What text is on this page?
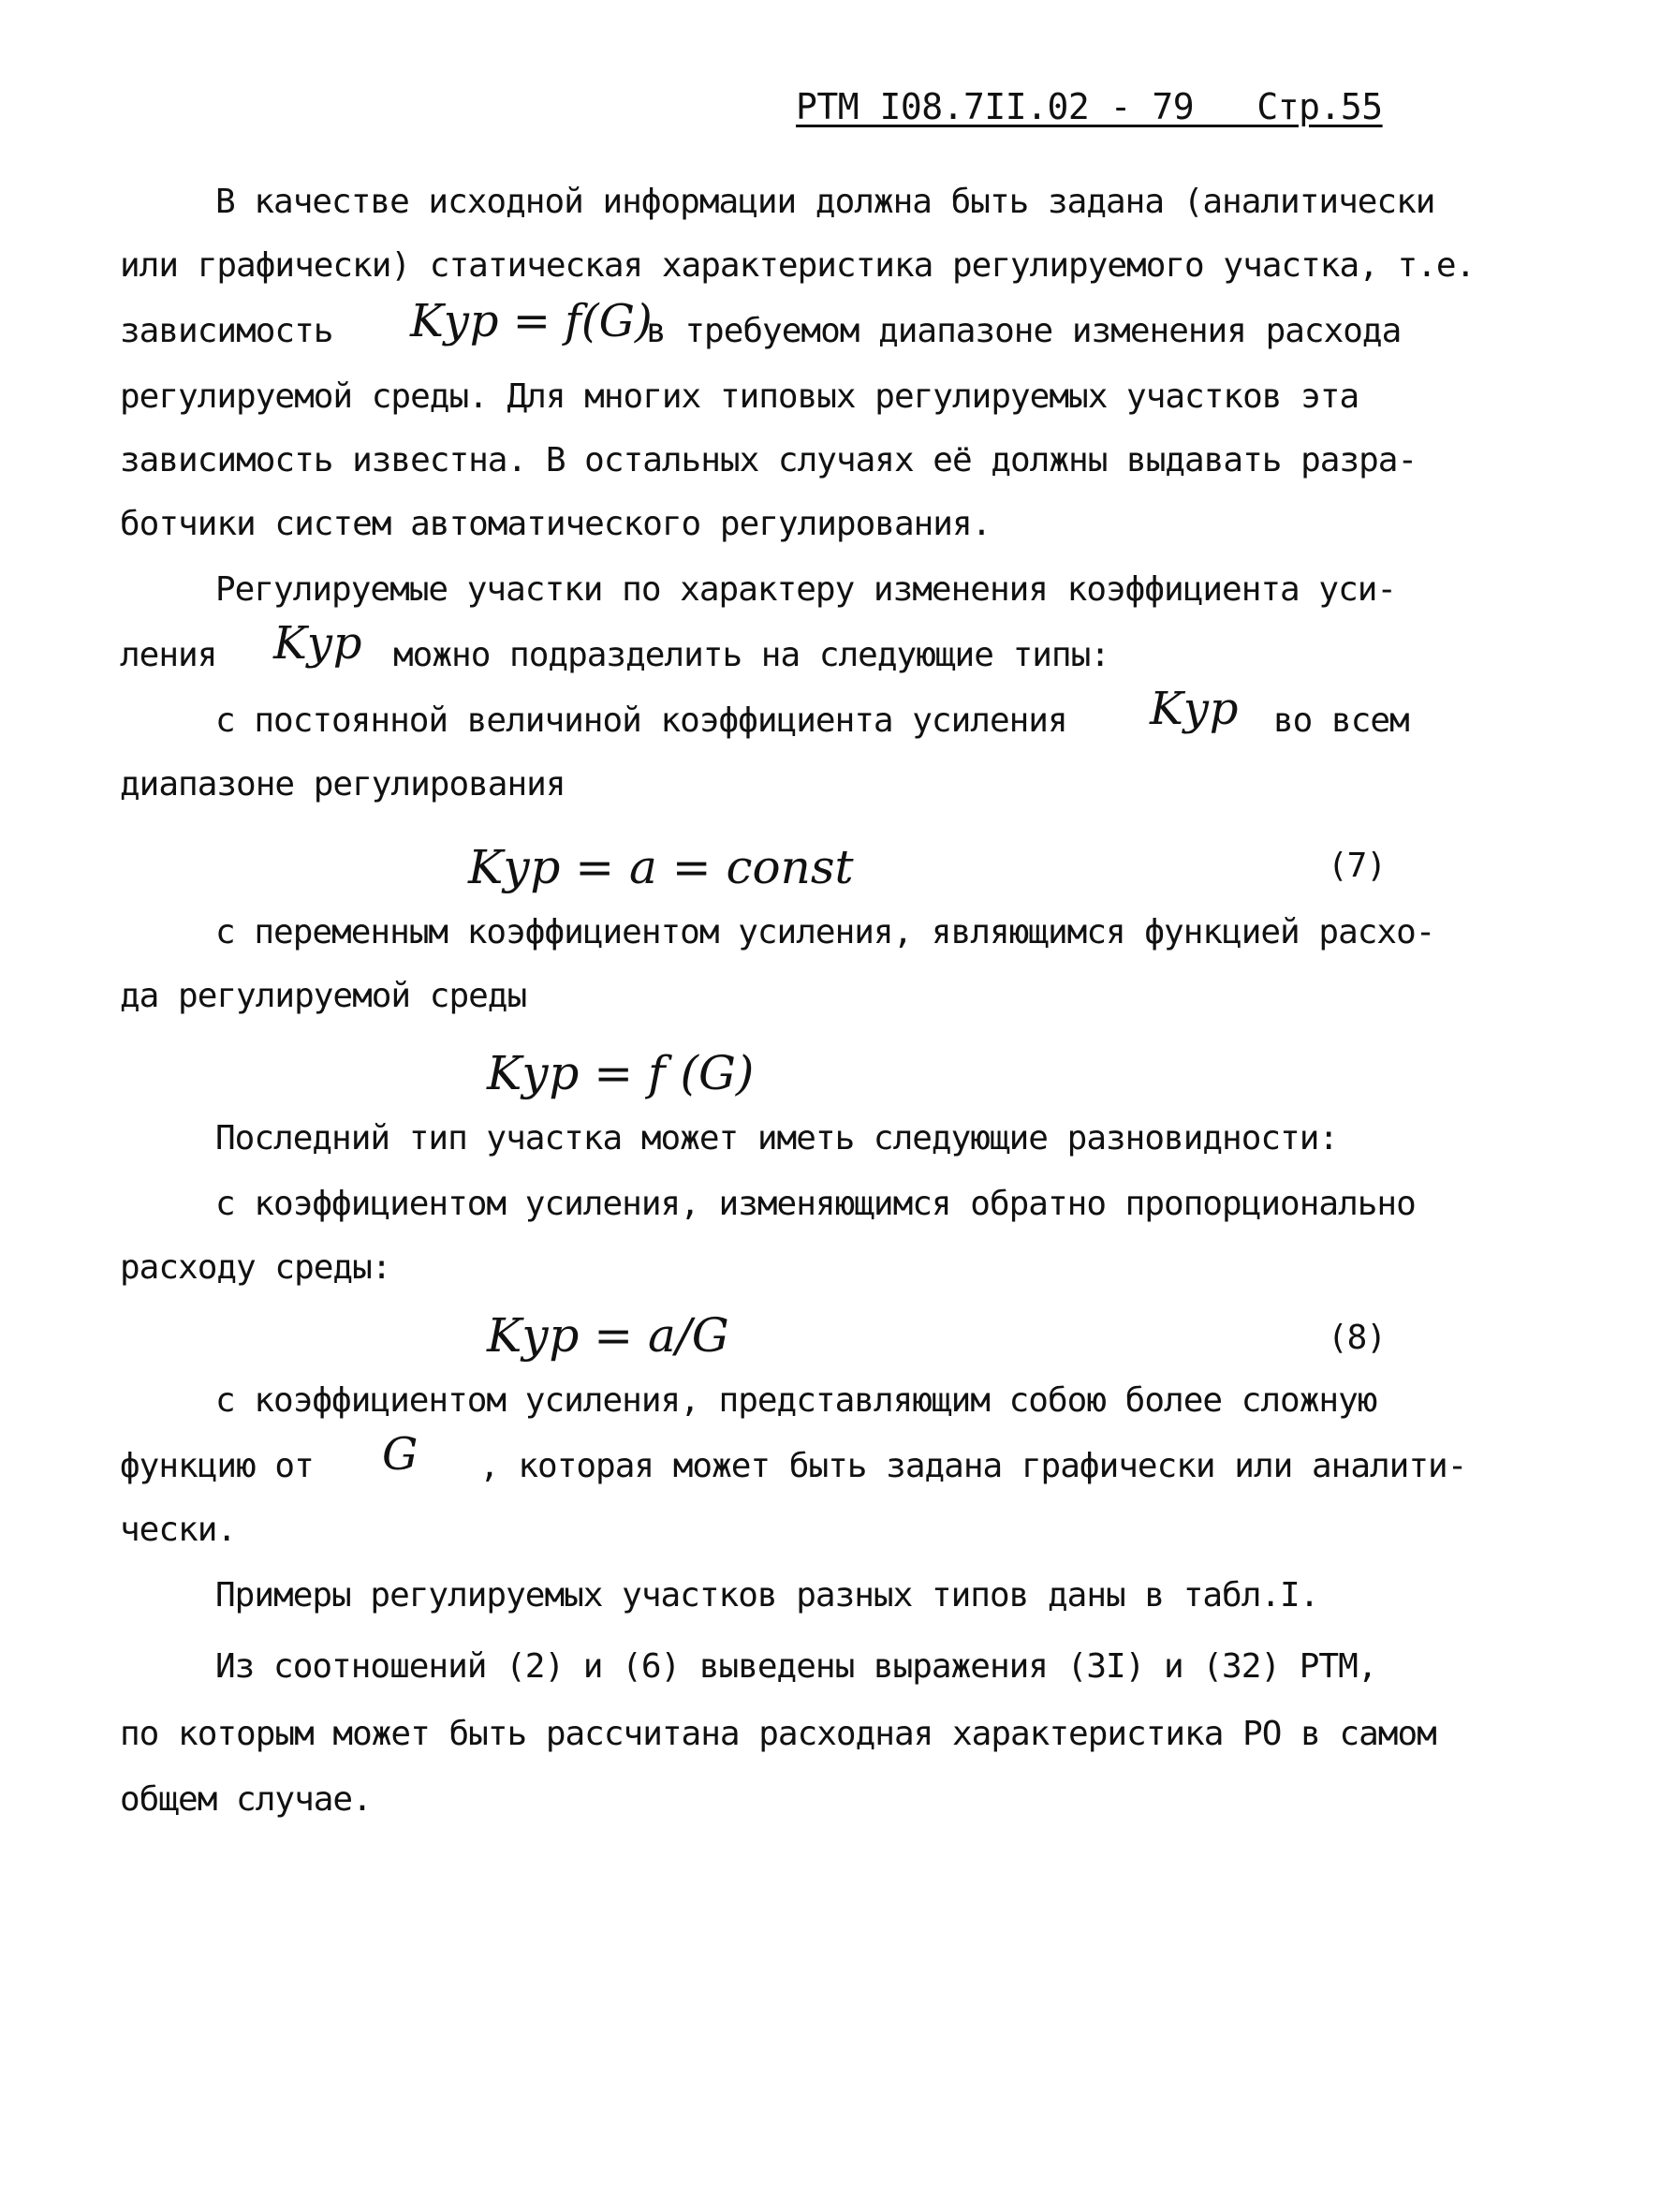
РТМ I08.7II.02 - 79   Стр.55
В качестве исходной информации должна быть задана (аналитически
или графически) статическая характеристика регулируемого участка, т.е.
зависимость Kур = f(G)
в требуемом диапазоне изменения расхода
регулируемой среды. Для многих типовых регулируемых участков эта
зависимость известна. В остальных случаях её должны выдавать разра-
ботчики систем автоматического регулирования.
Регулируемые участки по характеру изменения коэффициента уси-
ления Kур можно подразделить на следующие типы:
с постоянной величиной коэффициента усиления Kур во всем
диапазоне регулирования
Kур = a = const	(7)
с переменным коэффициентом усиления, являющимся функцией расхо-
да регулируемой среды
Kур = f (G)
Последний тип участка может иметь следующие разновидности:
с коэффициентом усиления, изменяющимся обратно пропорционально
расходу среды:
Kур = a/G	(8)
с коэффициентом усиления, представляющим собою более сложную
функцию от G , которая может быть задана графически или аналити-
чески.
Примеры регулируемых участков разных типов даны в табл.I.
Из соотношений (2) и (6) выведены выражения (3I) и (32) РТМ,
по которым может быть рассчитана расходная характеристика РО в самом
общем случае.
